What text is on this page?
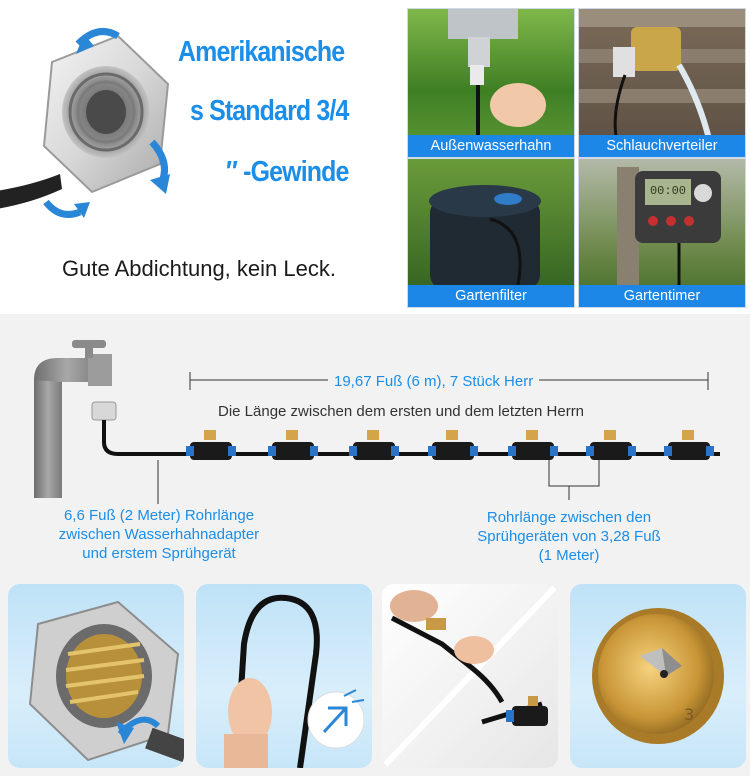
Amerikanische
s Standard 3/4
″ -Gewinde
Gute Abdichtung, kein Leck.
Außenwasserhahn	Schlauchverteiler
Gartenfilter
00:00
Gartentimer
19,67 Fuß (6 m), 7 Stück Herr
Die Länge zwischen dem ersten und dem letzten Herrn
6,6 Fuß (2 Meter) Rohrlänge
zwischen Wasserhahnadapter
und erstem Sprühgerät
Rohrlänge zwischen den
Sprühgeräten von 3,28 Fuß
(1 Meter)
3
